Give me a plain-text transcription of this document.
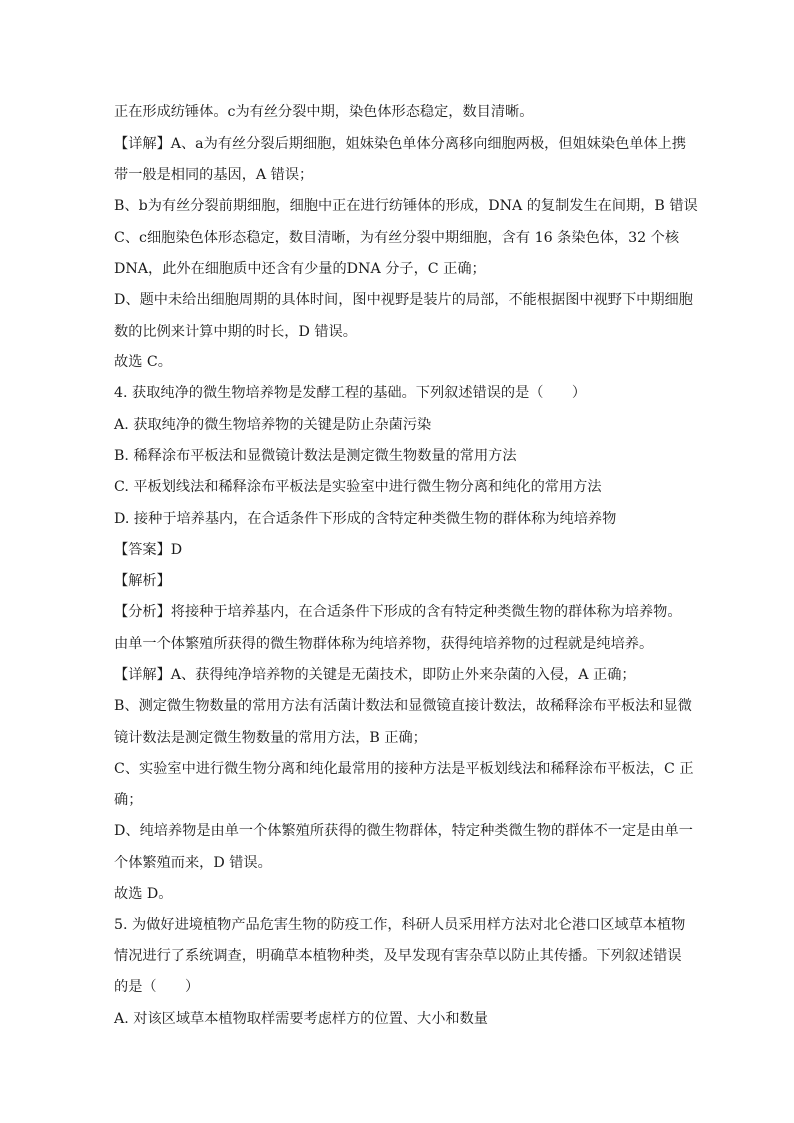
正在形成纺锤体。c为有丝分裂中期，染色体形态稳定，数目清晰。
【详解】A、a为有丝分裂后期细胞，姐妹染色单体分离移向细胞两极，但姐妹染色单体上携
带一般是相同的基因，A 错误；
B、b为有丝分裂前期细胞，细胞中正在进行纺锤体的形成，DNA 的复制发生在间期，B 错误
C、c细胞染色体形态稳定，数目清晰，为有丝分裂中期细胞，含有 16 条染色体，32 个核
DNA，此外在细胞质中还含有少量的DNA 分子，C 正确；
D、题中未给出细胞周期的具体时间，图中视野是装片的局部，不能根据图中视野下中期细胞
数的比例来计算中期的时长，D 错误。
故选 C。
4. 获取纯净的微生物培养物是发酵工程的基础。下列叙述错误的是（　　）
A. 获取纯净的微生物培养物的关键是防止杂菌污染
B. 稀释涂布平板法和显微镜计数法是测定微生物数量的常用方法
C. 平板划线法和稀释涂布平板法是实验室中进行微生物分离和纯化的常用方法
D. 接种于培养基内，在合适条件下形成的含特定种类微生物的群体称为纯培养物
【答案】D
【解析】
【分析】将接种于培养基内，在合适条件下形成的含有特定种类微生物的群体称为培养物。
由单一个体繁殖所获得的微生物群体称为纯培养物，获得纯培养物的过程就是纯培养。
【详解】A、获得纯净培养物的关键是无菌技术，即防止外来杂菌的入侵，A 正确；
B、测定微生物数量的常用方法有活菌计数法和显微镜直接计数法，故稀释涂布平板法和显微
镜计数法是测定微生物数量的常用方法，B 正确；
C、实验室中进行微生物分离和纯化最常用的接种方法是平板划线法和稀释涂布平板法，C 正
确；
D、纯培养物是由单一个体繁殖所获得的微生物群体，特定种类微生物的群体不一定是由单一
个体繁殖而来，D 错误。
故选 D。
5. 为做好进境植物产品危害生物的防疫工作，科研人员采用样方法对北仑港口区域草本植物
情况进行了系统调查，明确草本植物种类，及早发现有害杂草以防止其传播。下列叙述错误
的是（　　）
A. 对该区域草本植物取样需要考虑样方的位置、大小和数量
